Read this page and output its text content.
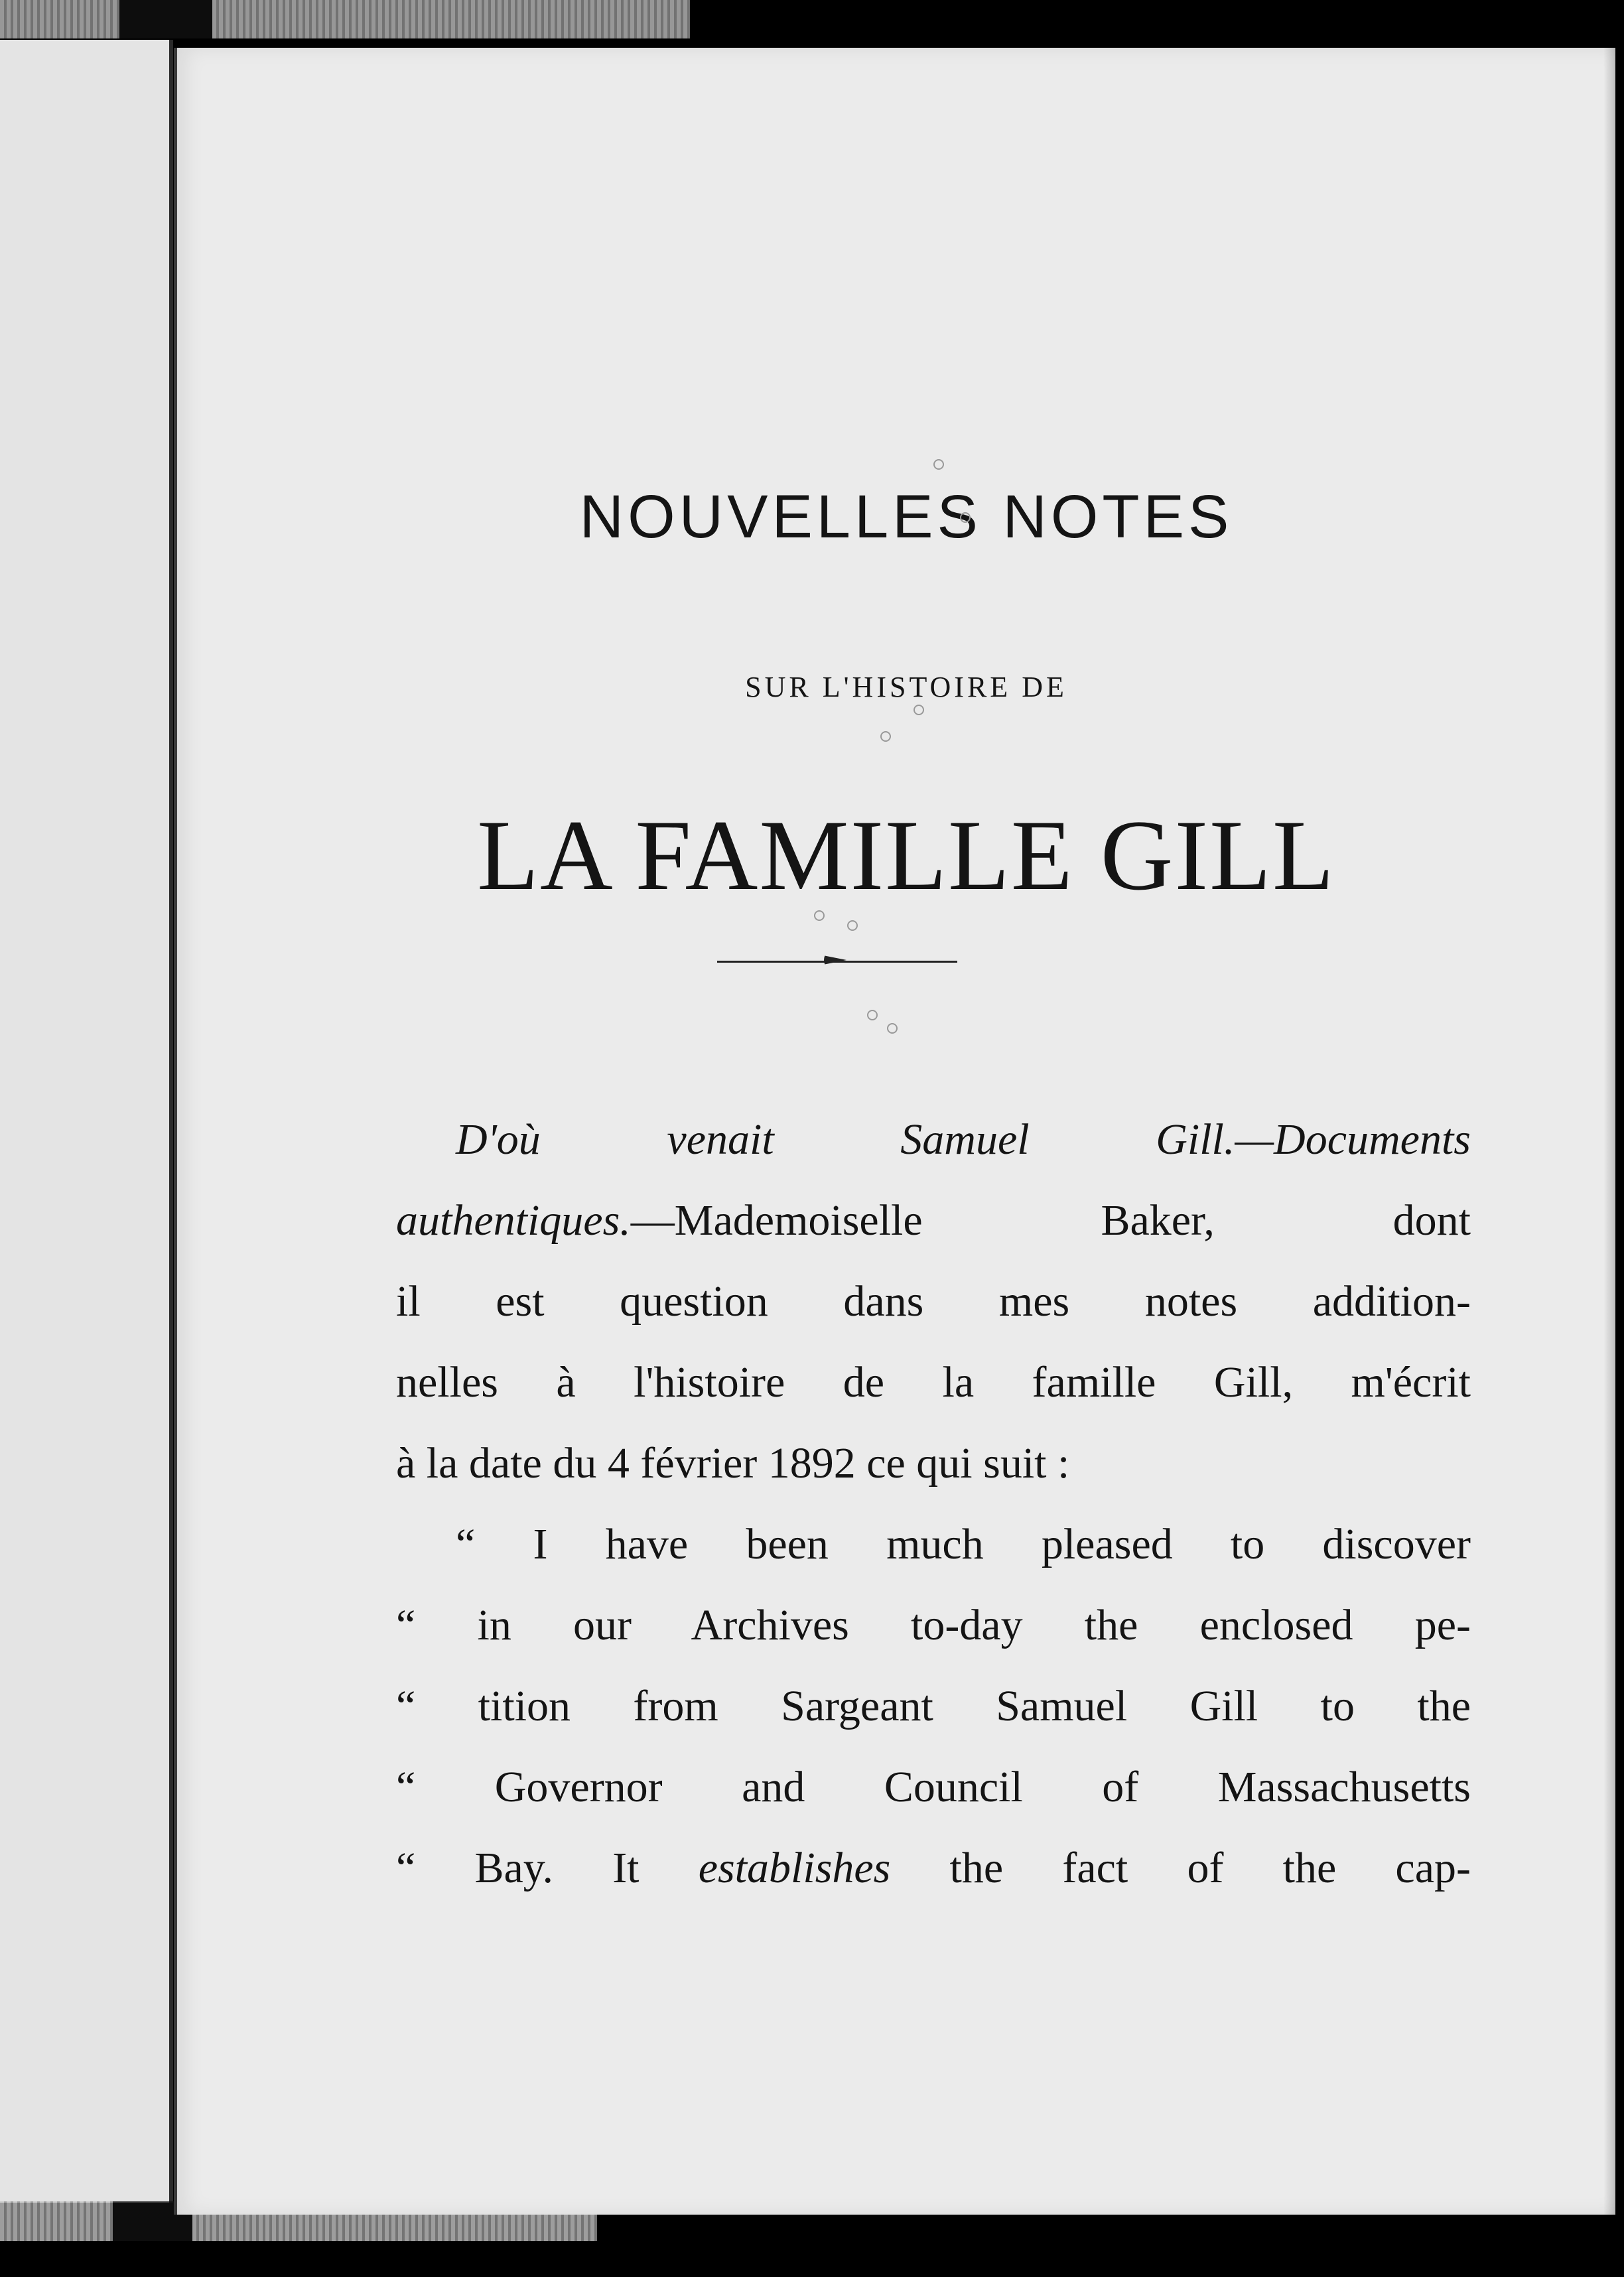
NOUVELLES NOTES
SUR L'HISTOIRE DE
LA FAMILLE GILL
D'où venait Samuel Gill.—Documents
authentiques.—Mademoiselle Baker, dont
il est question dans mes notes addition-
nelles à l'histoire de la famille Gill, m'écrit
à la date du 4 février 1892 ce qui suit :
“ I have been much pleased to discover
“ in our Archives to-day the enclosed pe-
“ tition from Sargeant Samuel Gill to the
“ Governor and Council of Massachusetts
“ Bay. It establishes the fact of the cap-
